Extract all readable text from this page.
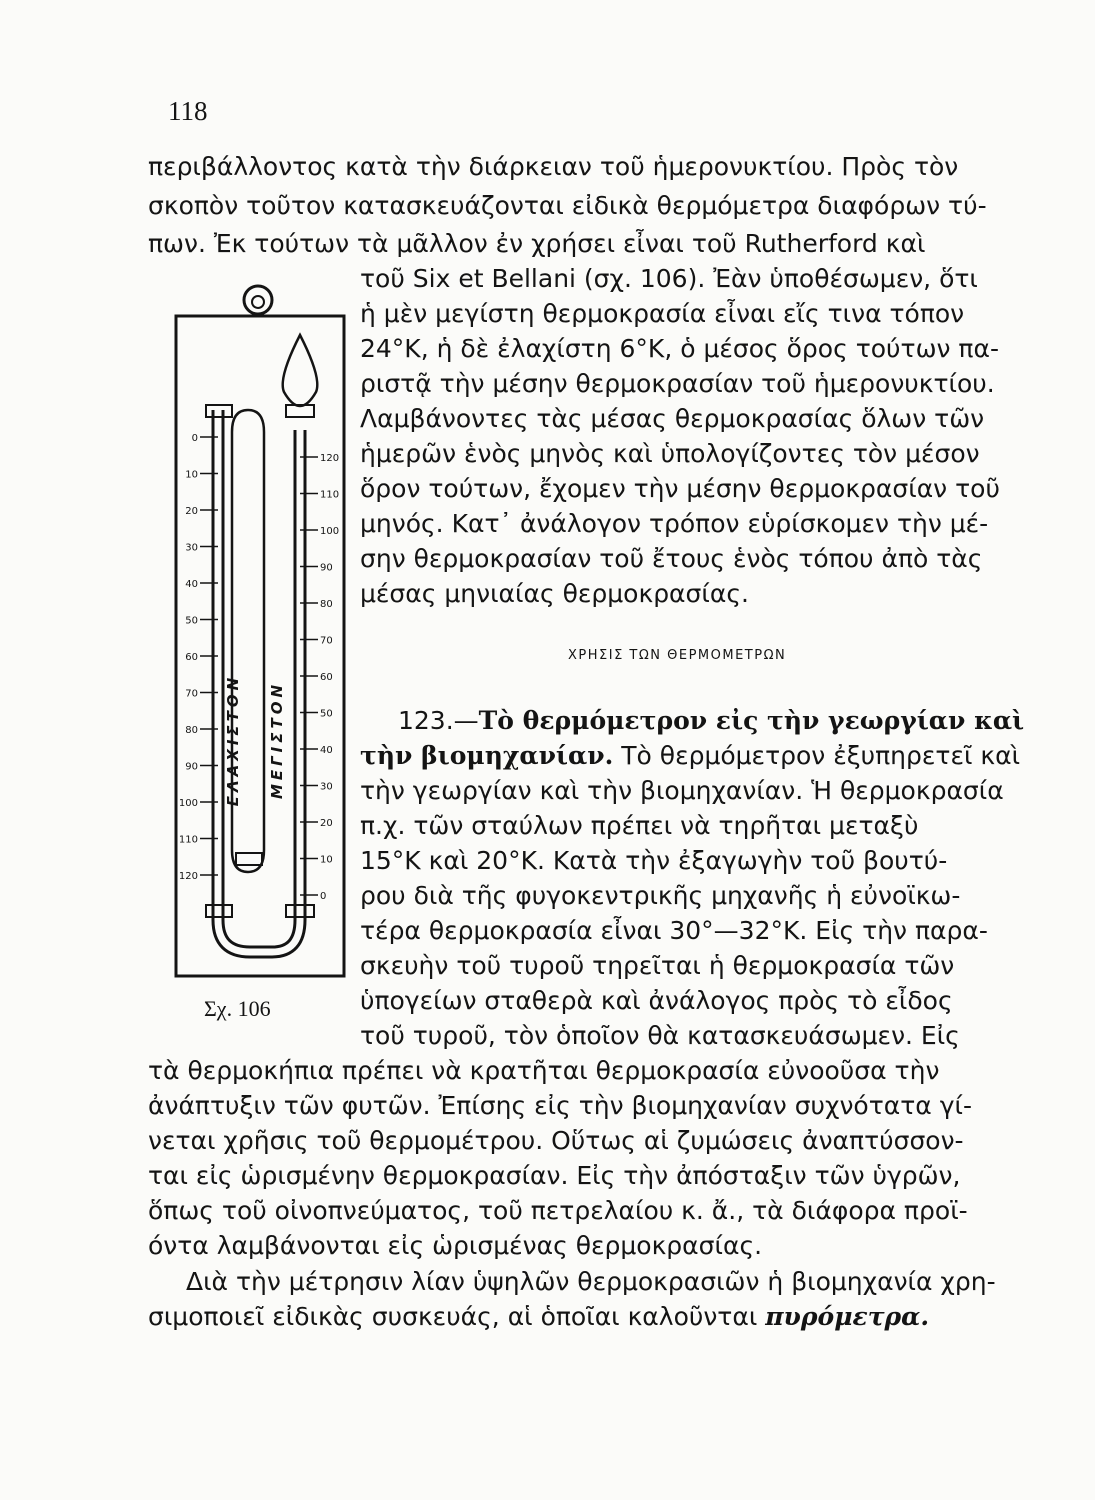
118

περιβάλλοντος κατὰ τὴν διάρκειαν τοῦ ἡμερονυκτίου. Πρὸς τὸν

σκοπὸν τοῦτον κατασκευάζονται εἰδικὰ θερμόμετρα διαφόρων τύ-

πων. Ἐκ τούτων τὰ μᾶλλον ἐν χρήσει εἶναι τοῦ Rutherford καὶ

τοῦ Six et Bellani (σχ. 106). Ἐὰν ὑποθέσωμεν, ὅτι

ἡ μὲν μεγίστη θερμοκρασία εἶναι εἴς τινα τόπον

24°Κ, ἡ δὲ ἐλαχίστη 6°Κ, ὁ μέσος ὅρος τούτων πα-

ριστᾷ τὴν μέσην θερμοκρασίαν τοῦ ἡμερονυκτίου.

Λαμβάνοντες τὰς μέσας θερμοκρασίας ὅλων τῶν

ἡμερῶν ἑνὸς μηνὸς καὶ ὑπολογίζοντες τὸν μέσον

ὅρον τούτων, ἔχομεν τὴν μέσην θερμοκρασίαν τοῦ

μηνός. Κατ᾽ ἀνάλογον τρόπον εὑρίσκομεν τὴν μέ-

σην θερμοκρασίαν τοῦ ἔτους ἑνὸς τόπου ἀπὸ τὰς

μέσας μηνιαίας θερμοκρασίας.

ΧΡΗΣΙΣ ΤΩΝ ΘΕΡΜΟΜΕΤΡΩΝ

123.—Τὸ θερμόμετρον εἰς τὴν γεωργίαν καὶ

τὴν βιομηχανίαν. Τὸ θερμόμετρον ἐξυπηρετεῖ καὶ

τὴν γεωργίαν καὶ τὴν βιομηχανίαν. Ἡ θερμοκρασία

π.χ. τῶν σταύλων πρέπει νὰ τηρῆται μεταξὺ

15°Κ καὶ 20°Κ. Κατὰ τὴν ἐξαγωγὴν τοῦ βουτύ-

ρου διὰ τῆς φυγοκεντρικῆς μηχανῆς ἡ εὐνοϊκω-

τέρα θερμοκρασία εἶναι 30°—32°Κ. Εἰς τὴν παρα-

σκευὴν τοῦ τυροῦ τηρεῖται ἡ θερμοκρασία τῶν

ὑπογείων σταθερὰ καὶ ἀνάλογος πρὸς τὸ εἶδος

τοῦ τυροῦ, τὸν ὁποῖον θὰ κατασκευάσωμεν. Εἰς

τὰ θερμοκήπια πρέπει νὰ κρατῆται θερμοκρασία εὐνοοῦσα τὴν

ἀνάπτυξιν τῶν φυτῶν. Ἐπίσης εἰς τὴν βιομηχανίαν συχνότατα γί-

νεται χρῆσις τοῦ θερμομέτρου. Οὕτως αἱ ζυμώσεις ἀναπτύσσον-

ται εἰς ὡρισμένην θερμοκρασίαν. Εἰς τὴν ἀπόσταξιν τῶν ὑγρῶν,

ὅπως τοῦ οἰνοπνεύματος, τοῦ πετρελαίου κ. ἄ., τὰ διάφορα προϊ-

όντα λαμβάνονται εἰς ὡρισμένας θερμοκρασίας.

Διὰ τὴν μέτρησιν λίαν ὑψηλῶν θερμοκρασιῶν ἡ βιομηχανία χρη-

σιμοποιεῖ εἰδικὰς συσκευάς, αἱ ὁποῖαι καλοῦνται πυρόμετρα.

0
10
20
30
40
50
60
70
80
90
100
110
120
120
110
100
90
80
70
60
50
40
30
20
10
0
ΕΛΑΧΙΣΤΟΝ ΜΕΓΙΣΤΟΝ
Σχ. 106
